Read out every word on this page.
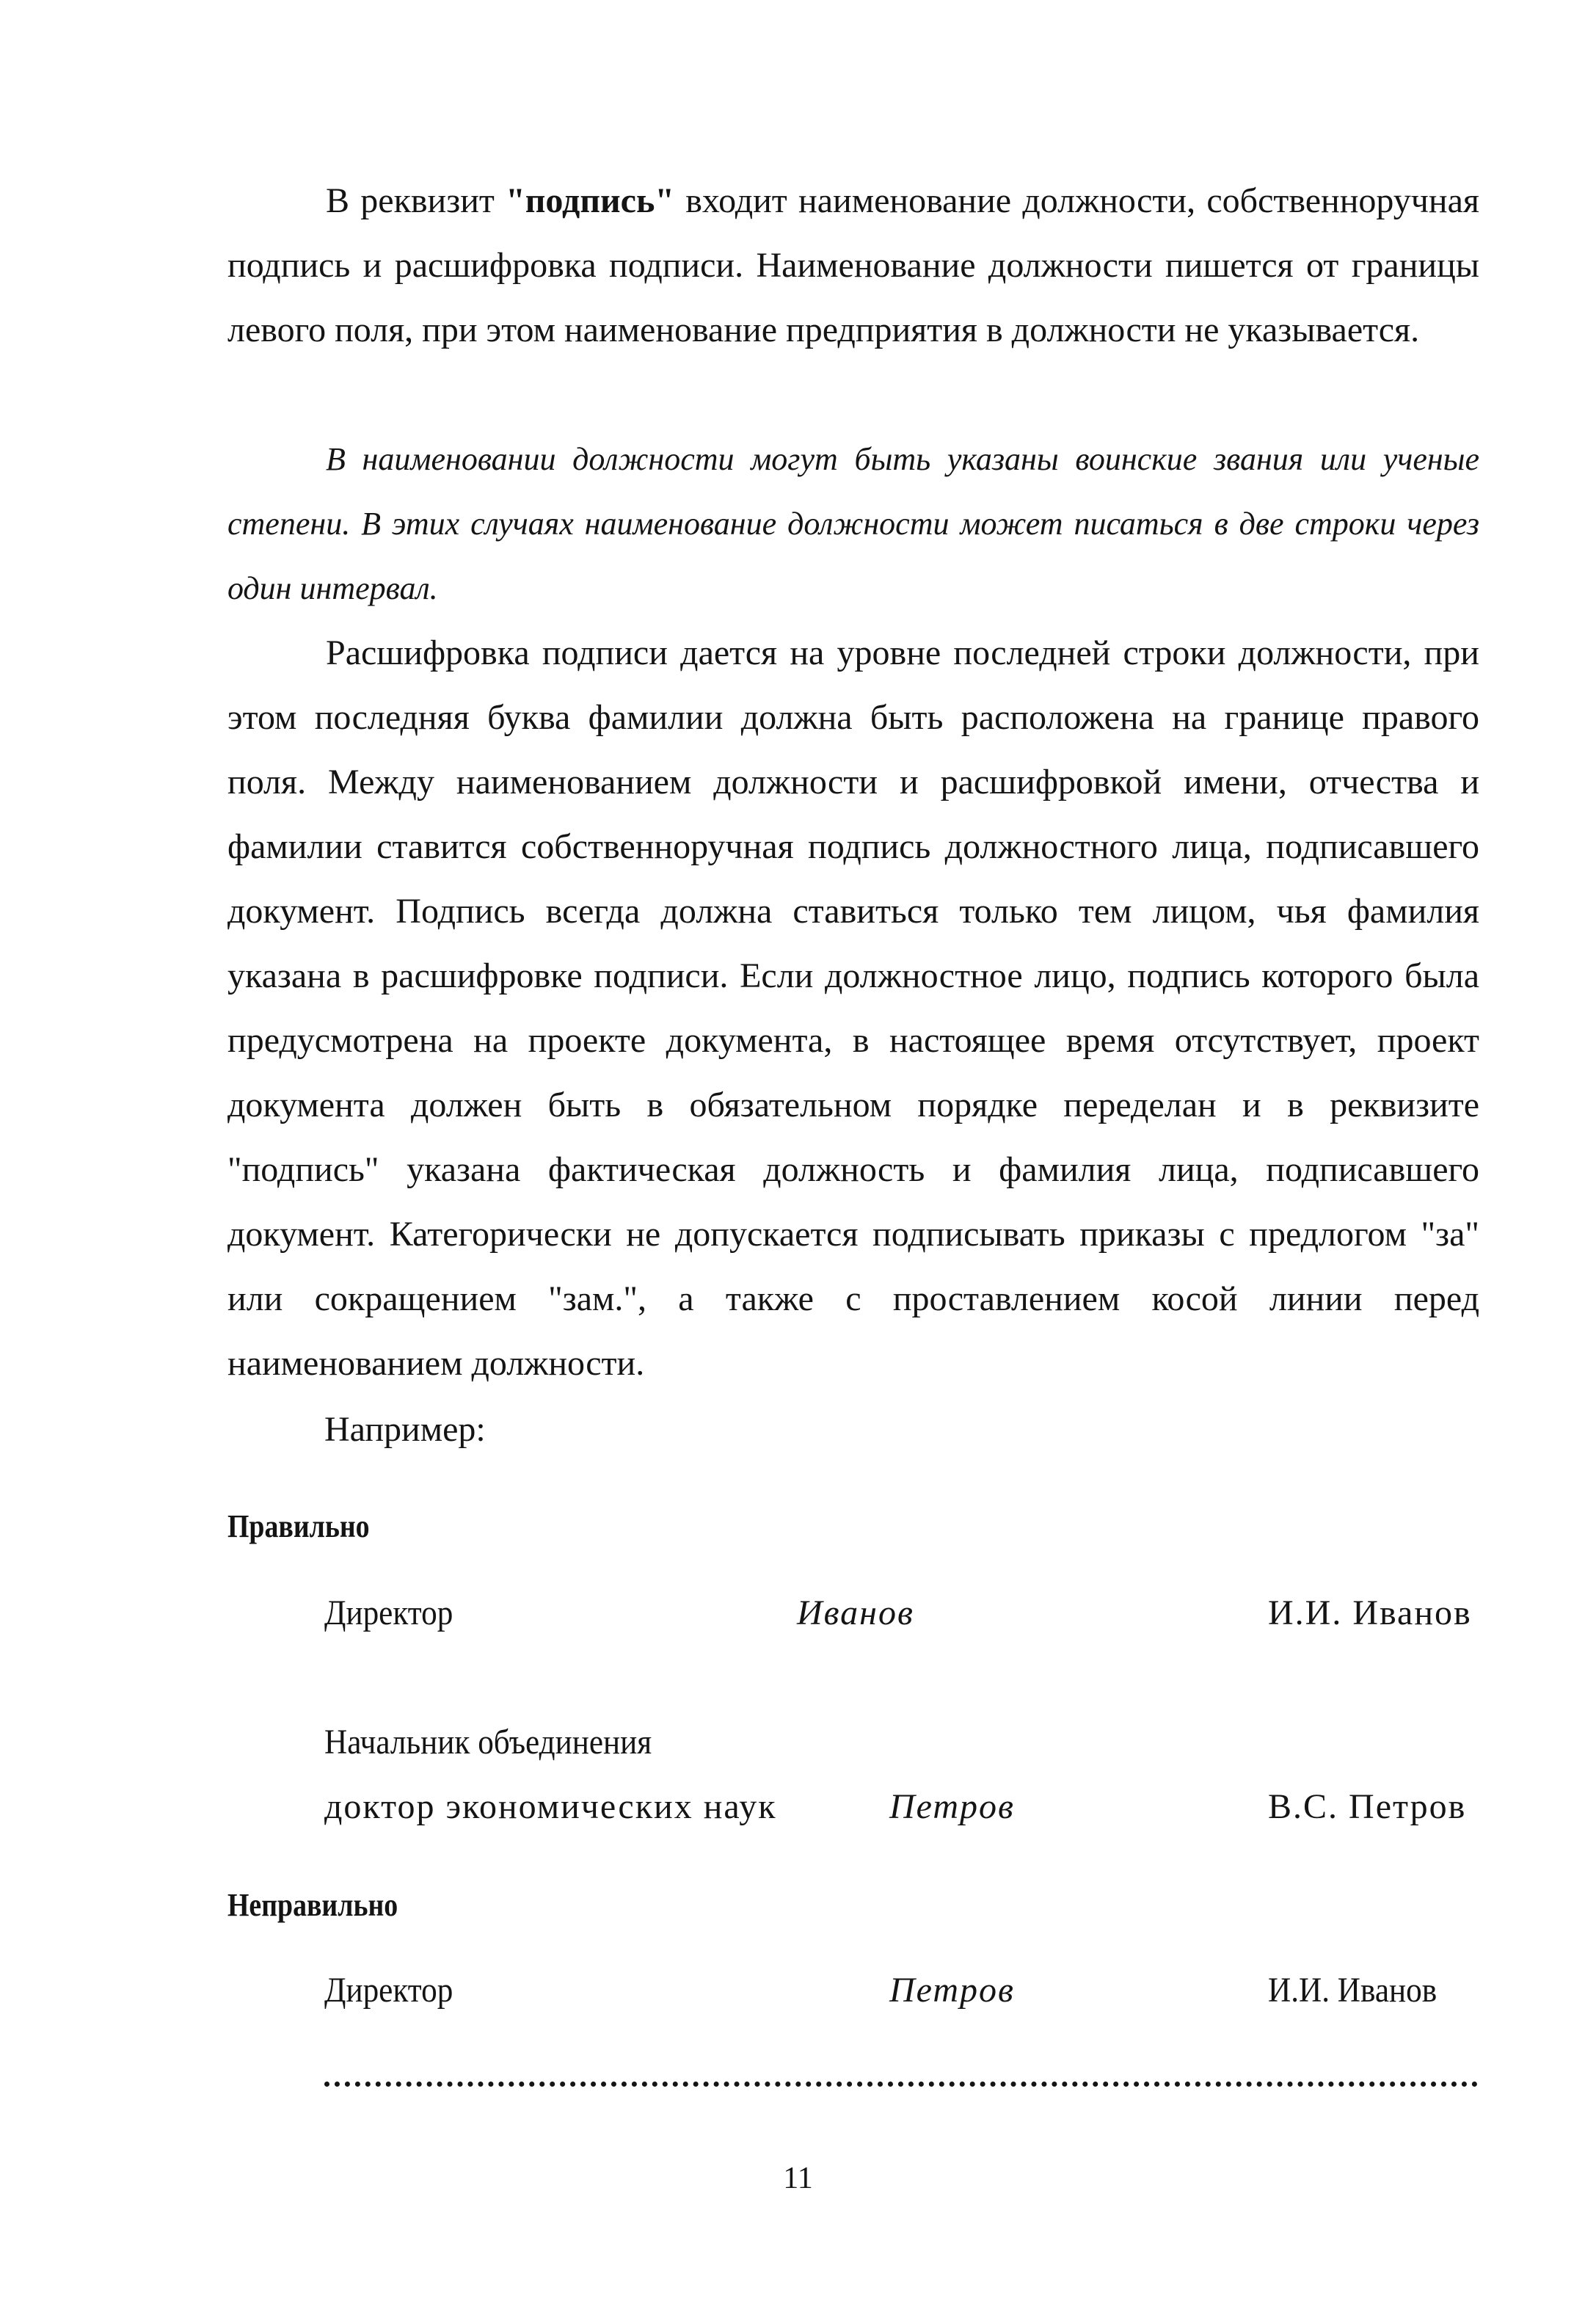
В реквизит "подпись" входит наименование должности, собственноручная подпись и расшифровка подписи. Наименование должности пишется от границы левого поля, при этом наименование предприятия в должности не указывается.

В наименовании должности могут быть указаны воинские звания или ученые степени. В этих случаях наименование должности может писаться в две строки через один интервал.

Расшифровка подписи дается на уровне последней строки должности, при этом последняя буква фамилии должна быть расположена на границе правого поля. Между наименованием должности и расшифровкой имени, отчества и фамилии ставится собственноручная подпись должностного лица, подписавшего документ. Подпись всегда должна ставиться только тем лицом, чья фамилия указана в расшифровке подписи. Если должностное лицо, подпись которого была предусмотрена на проекте документа, в настоящее время отсутствует, проект документа должен быть в обязательном порядке переделан и в реквизите "подпись" указана фактическая должность и фамилия лица, подписавшего документ. Категорически не допускается подписывать приказы с предлогом "за" или сокращением "зам.", а также с проставлением косой линии перед наименованием должности.

Например:
Правильно
Директор	Иванов	И.И. Иванов
Начальник объединения
доктор экономических наук	Петров	В.С. Петров
Неправильно
Директор	Петров	И.И. Иванов
11
